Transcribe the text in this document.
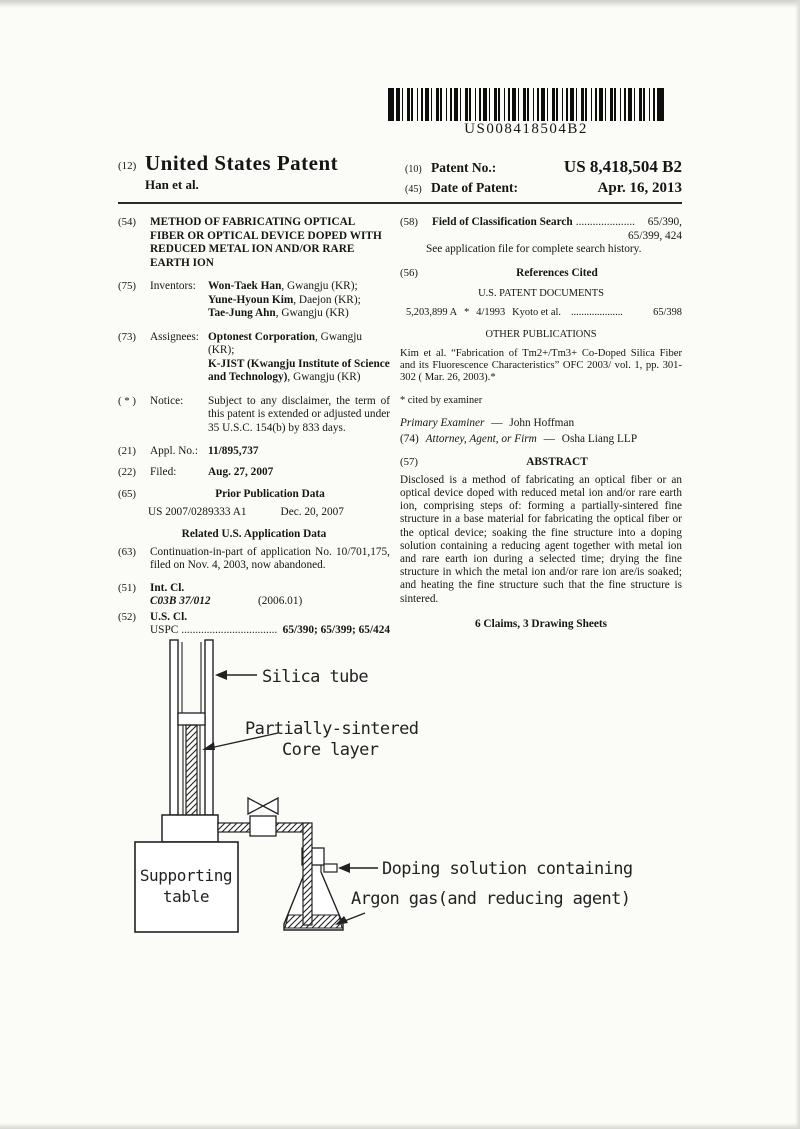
US008418504B2
(12) United States Patent
Han et al.
(10) Patent No.:	US 8,418,504 B2
(45) Date of Patent:	Apr. 16, 2013
(54)	METHOD OF FABRICATING OPTICAL FIBER OR OPTICAL DEVICE DOPED WITH REDUCED METAL ION AND/OR RARE EARTH ION
(75)	Inventors:	Won-Taek Han, Gwangju (KR);
Yune-Hyoun Kim, Daejon (KR);
Tae-Jung Ahn, Gwangju (KR)
(73)	Assignees: Optonest Corporation, Gwangju (KR);
K-JIST (Kwangju Institute of Science and Technology), Gwangju (KR)
( * )	Notice:	Subject to any disclaimer, the term of this patent is extended or adjusted under 35 U.S.C. 154(b) by 833 days.
(21)	Appl. No.: 11/895,737
(22)	Filed:	Aug. 27, 2007
(65)	Prior Publication Data
US 2007/0289333 A1	Dec. 20, 2007
Related U.S. Application Data
(63)	Continuation-in-part of application No. 10/701,175, filed on Nov. 4, 2003, now abandoned.
(51)	Int. Cl.
C03B 37/012	(2006.01)
(52)	U.S. Cl.
USPC .................................. 65/390; 65/399; 65/424
(58)	Field of Classification Search .....................	65/390,
65/399, 424
See application file for complete search history.
(56)	References Cited
U.S. PATENT DOCUMENTS
5,203,899 A * 4/1993 Kyoto et al. ....................	65/398
OTHER PUBLICATIONS
Kim et al. “Fabrication of Tm2+/Tm3+ Co-Doped Silica Fiber and its Fluorescence Characteristics” OFC 2003/ vol. 1, pp. 301-302 ( Mar. 26, 2003).*
* cited by examiner
Primary Examiner — John Hoffman
(74) Attorney, Agent, or Firm — Osha Liang LLP
(57)	ABSTRACT
Disclosed is a method of fabricating an optical fiber or an optical device doped with reduced metal ion and/or rare earth ion, comprising steps of: forming a partially-sintered fine structure in a base material for fabricating the optical fiber or the optical device; soaking the fine structure into a doping solution containing a reducing agent together with metal ion and rare earth ion during a selected time; drying the fine structure in which the metal ion and/or rare ion are/is soaked; and heating the fine structure such that the fine structure is sintered.
6 Claims, 3 Drawing Sheets
Supporting
table
Silica tube
Partially-sintered
Core layer
Doping solution containing
Argon gas(and reducing agent)
